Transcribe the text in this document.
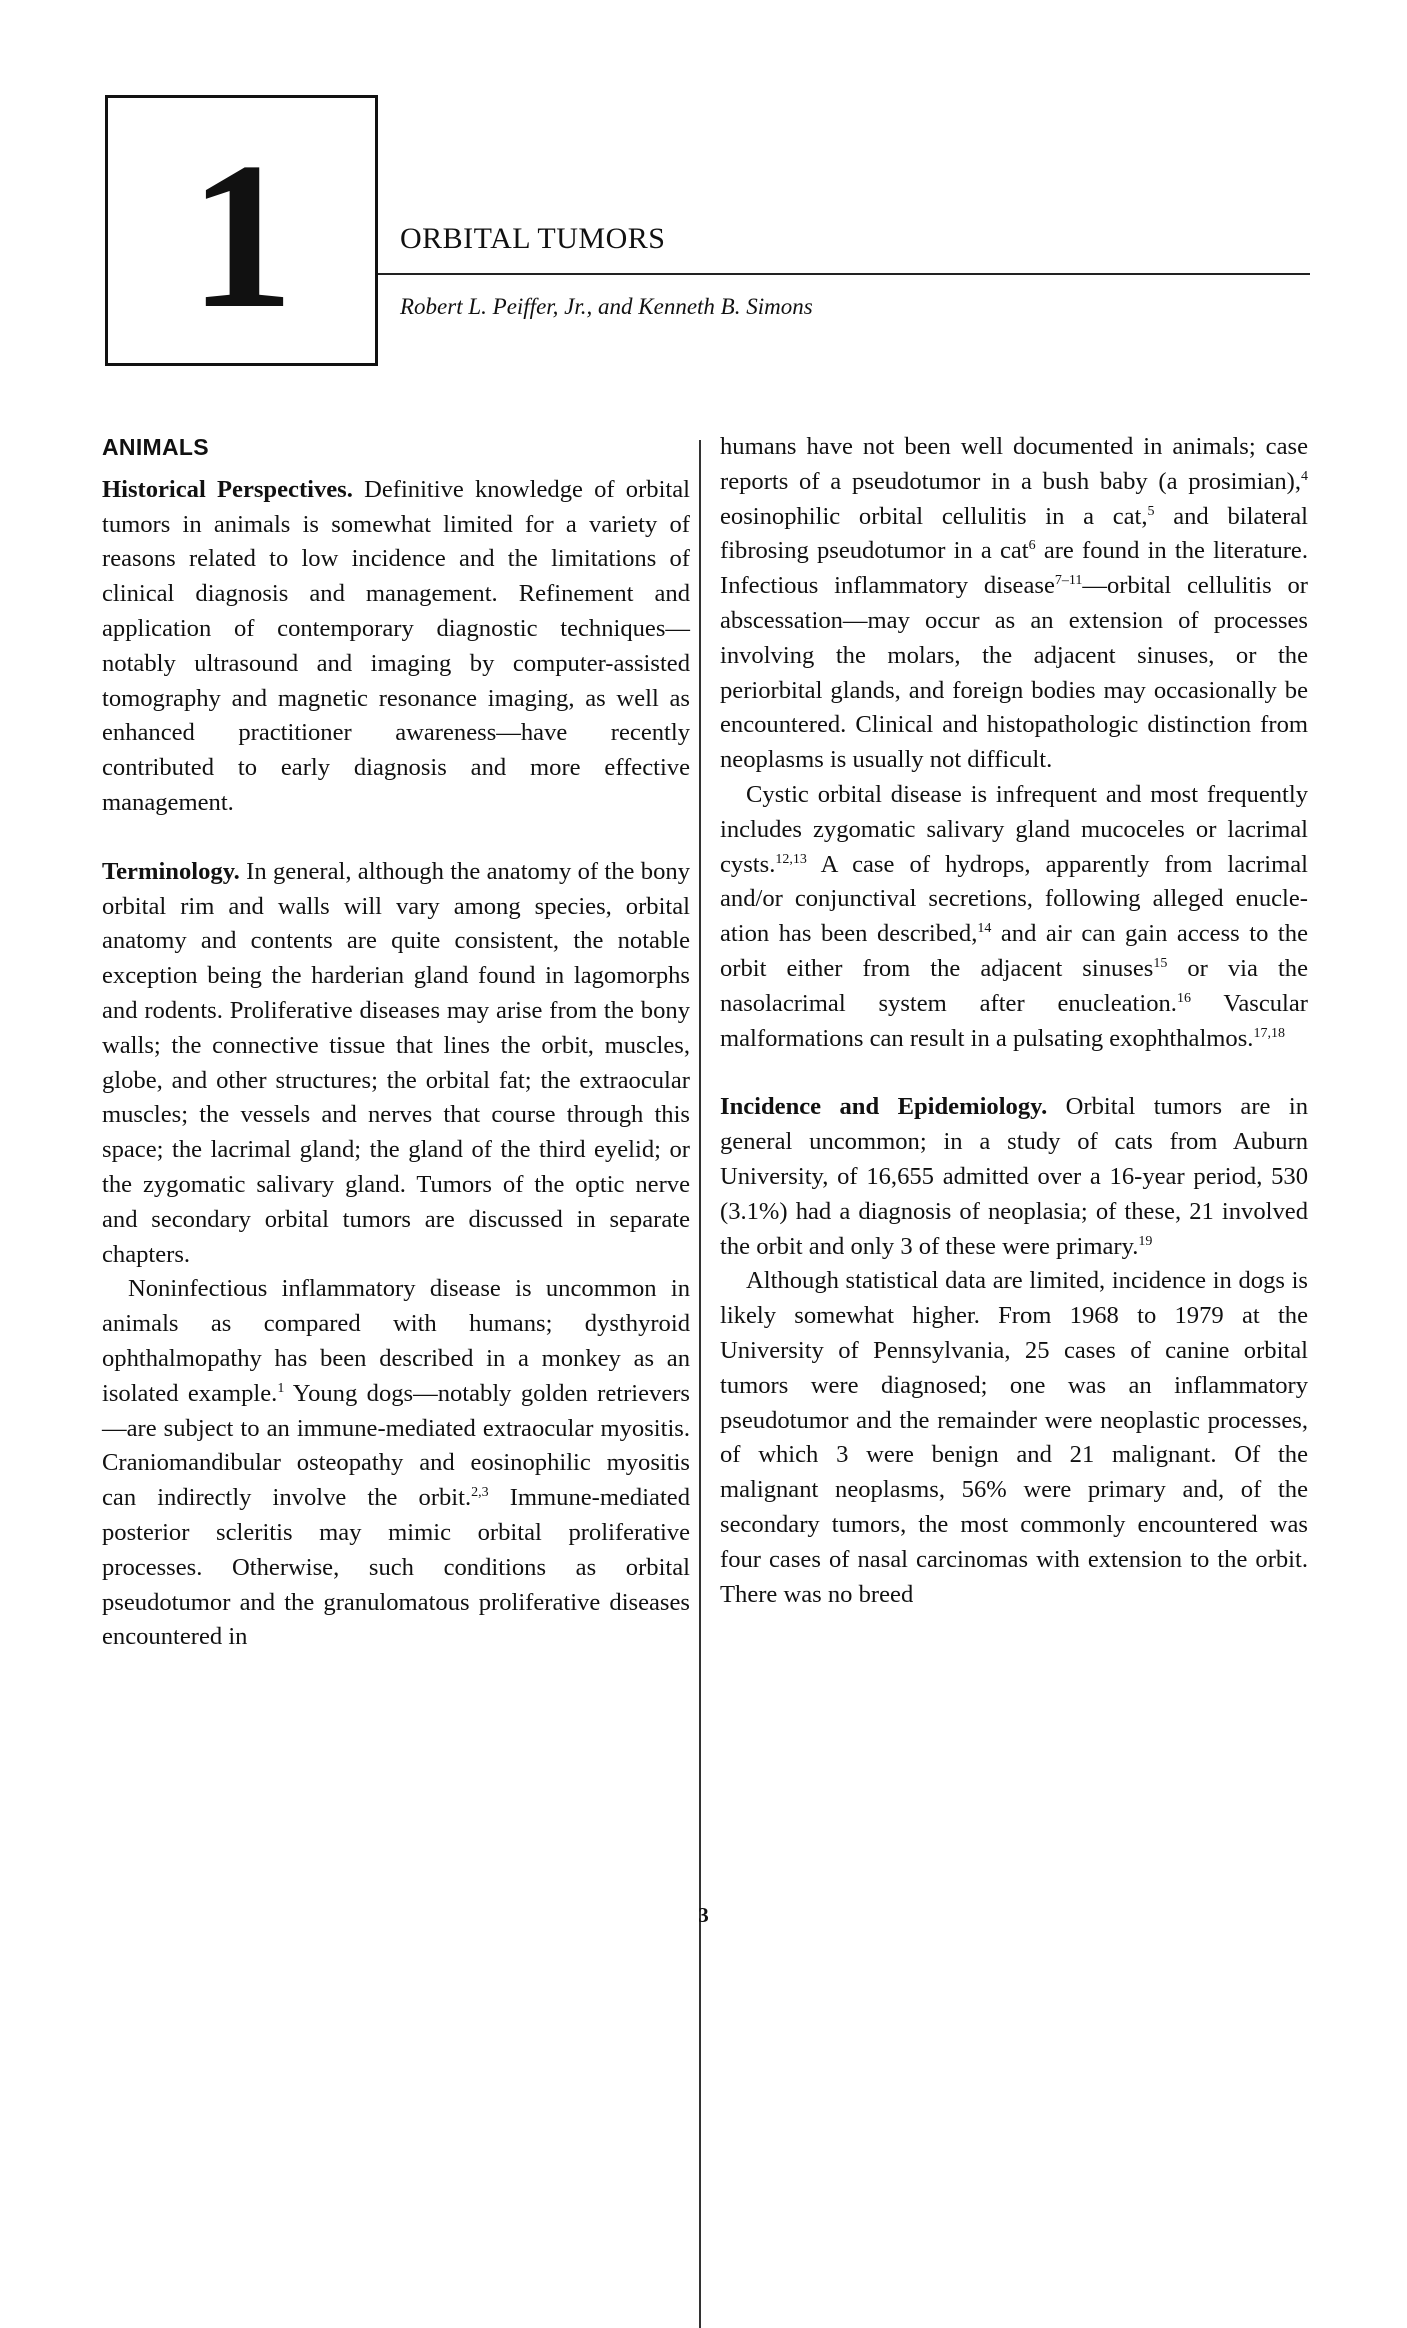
1	ORBITAL TUMORS
Robert L. Peiffer, Jr., and Kenneth B. Simons
ANIMALS

Historical Perspectives. Definitive knowledge of orbital tumors in animals is somewhat limited for a variety of reasons related to low incidence and the limitations of clinical diagnosis and management. Refinement and application of contemporary diagnostic techniques—notably ultrasound and imaging by computer-assisted tomography and magnetic resonance imaging, as well as enhanced practitioner awareness—have recently contributed to early diagnosis and more effective management.

Terminology. In general, although the anatomy of the bony orbital rim and walls will vary among species, orbital anatomy and contents are quite consistent, the notable exception being the harderian gland found in lagomorphs and rodents. Proliferative diseases may arise from the bony walls; the connective tissue that lines the orbit, muscles, globe, and other structures; the orbital fat; the extraocular muscles; the vessels and nerves that course through this space; the lacrimal gland; the gland of the third eyelid; or the zygomatic salivary gland. Tumors of the optic nerve and secondary orbital tumors are discussed in separate chapters.

Noninfectious inflammatory disease is uncommon in animals as compared with humans; dysthyroid ophthalmopathy has been described in a monkey as an isolated example.$^1$ Young dogs—notably golden retrievers—are subject to an immune-mediated extraocular myositis. Craniomandibular osteopathy and eosinophilic myositis can indirectly involve the orbit.$^{2,3}$ Immune-mediated posterior scleritis may mimic orbital proliferative processes. Otherwise, such conditions as orbital pseudotumor and the granulomatous proliferative diseases encountered in

humans have not been well documented in animals; case reports of a pseudotumor in a bush baby (a prosimian),$^4$ eosinophilic orbital cellulitis in a cat,$^5$ and bilateral fibrosing pseudotumor in a cat$^6$ are found in the literature. Infectious inflammatory disease$^{7-11}$—orbital cellulitis or abscessation—may occur as an extension of processes involving the molars, the adjacent sinuses, or the periorbital glands, and foreign bodies may occasionally be encountered. Clinical and histopathologic distinction from neoplasms is usually not difficult.

Cystic orbital disease is infrequent and most frequently includes zygomatic salivary gland mucoceles or lacrimal cysts.$^{12,13}$ A case of hydrops, apparently from lacrimal and/or conjunctival secretions, following alleged enucleation has been described,$^{14}$ and air can gain access to the orbit either from the adjacent sinuses$^{15}$ or via the nasolacrimal system after enucleation.$^{16}$ Vascular malformations can result in a pulsating exophthalmos.$^{17,18}$

Incidence and Epidemiology. Orbital tumors are in general uncommon; in a study of cats from Auburn University, of 16,655 admitted over a 16-year period, 530 (3.1%) had a diagnosis of neoplasia; of these, 21 involved the orbit and only 3 of these were primary.$^{19}$

Although statistical data are limited, incidence in dogs is likely somewhat higher. From 1968 to 1979 at the University of Pennsylvania, 25 cases of canine orbital tumors were diagnosed; one was an inflammatory pseudotumor and the remainder were neoplastic processes, of which 3 were benign and 21 malignant. Of the malignant neoplasms, 56% were primary and, of the secondary tumors, the most commonly encountered was four cases of nasal carcinomas with extension to the orbit. There was no breed

3
